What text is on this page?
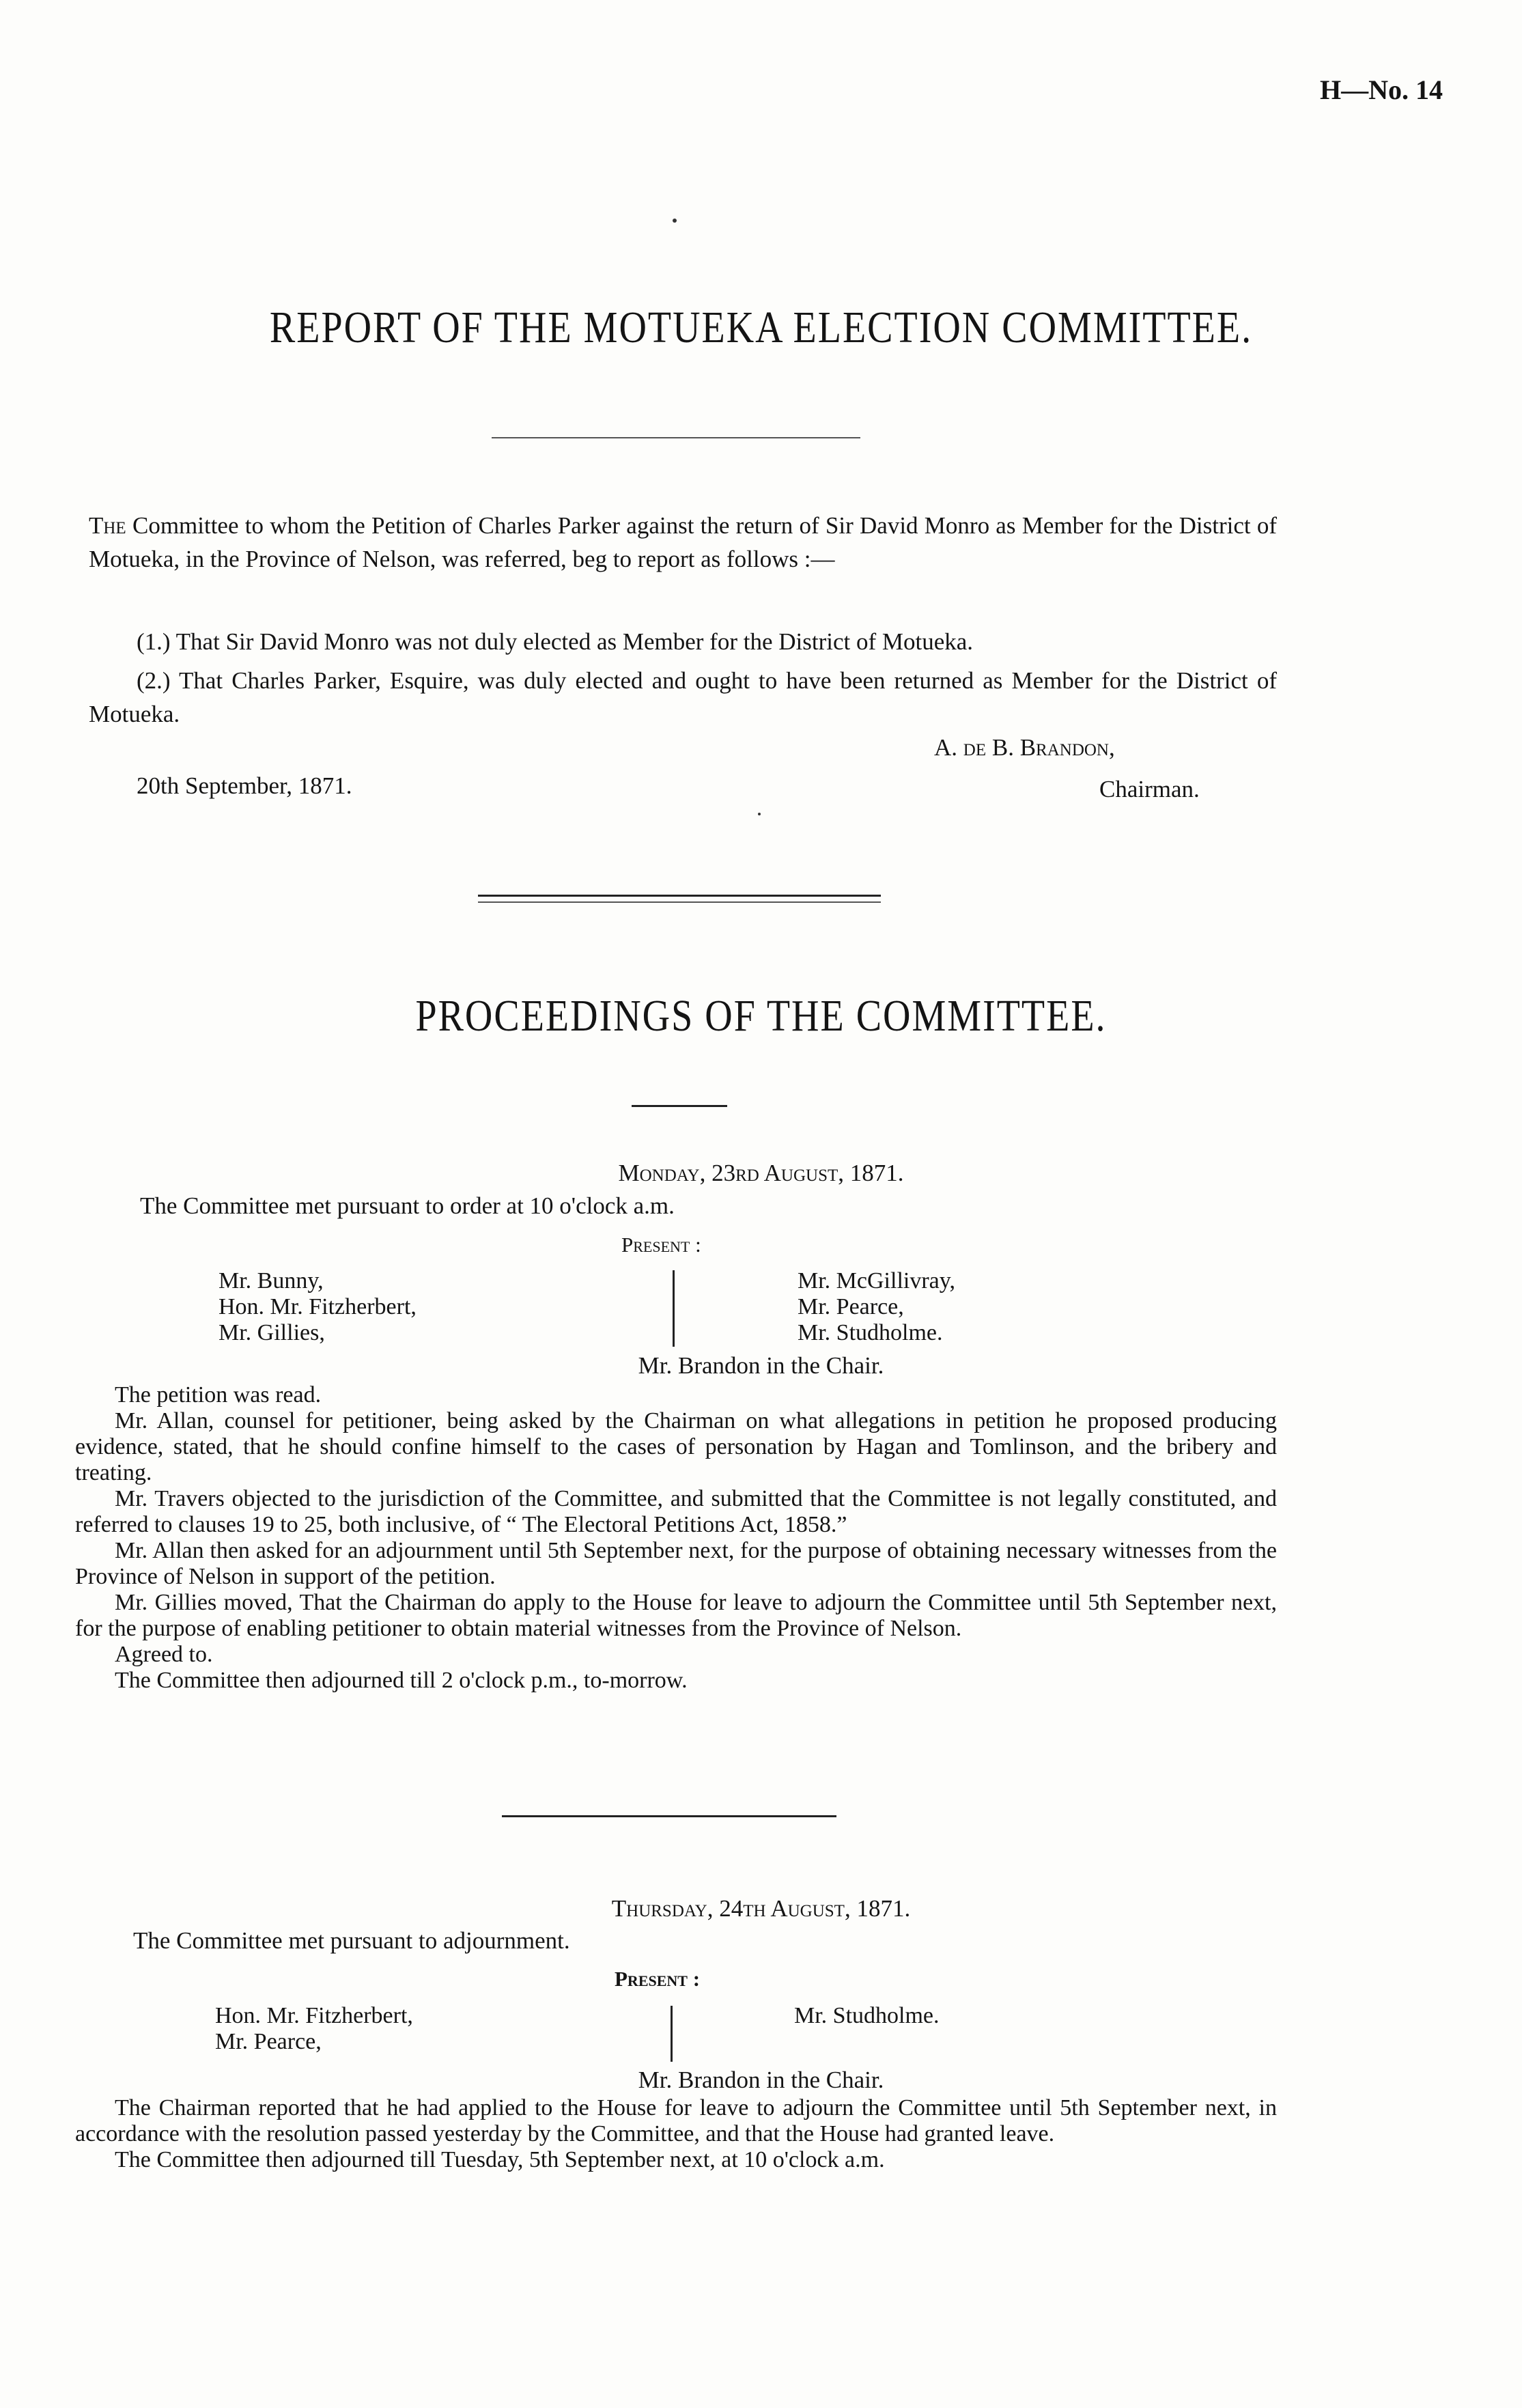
H—No. 14
REPORT OF THE MOTUEKA ELECTION COMMITTEE.
The Committee to whom the Petition of Charles Parker against the return of Sir David Monro as Member for the District of Motueka, in the Province of Nelson, was referred, beg to report as follows :—
(1.) That Sir David Monro was not duly elected as Member for the District of Motueka.
(2.) That Charles Parker, Esquire, was duly elected and ought to have been returned as Member for the District of Motueka.
A. de B. Brandon,
20th September, 1871.	Chairman.
PROCEEDINGS OF THE COMMITTEE.
Monday, 23rd August, 1871.
The Committee met pursuant to order at 10 o'clock a.m.
Present :
Mr. Bunny,
Hon. Mr. Fitzherbert,
Mr. Gillies,
Mr. McGillivray,
Mr. Pearce,
Mr. Studholme.
Mr. Brandon in the Chair.
The petition was read.
Mr. Allan, counsel for petitioner, being asked by the Chairman on what allegations in petition he proposed producing evidence, stated, that he should confine himself to the cases of personation by Hagan and Tomlinson, and the bribery and treating.
Mr. Travers objected to the jurisdiction of the Committee, and submitted that the Committee is not legally constituted, and referred to clauses 19 to 25, both inclusive, of “ The Electoral Petitions Act, 1858.”
Mr. Allan then asked for an adjournment until 5th September next, for the purpose of obtaining necessary witnesses from the Province of Nelson in support of the petition.
Mr. Gillies moved, That the Chairman do apply to the House for leave to adjourn the Committee until 5th September next, for the purpose of enabling petitioner to obtain material witnesses from the Province of Nelson.
Agreed to.
The Committee then adjourned till 2 o'clock p.m., to-morrow.
Thursday, 24th August, 1871.
The Committee met pursuant to adjournment.
Present :
Hon. Mr. Fitzherbert,
Mr. Pearce,
Mr. Studholme.
Mr. Brandon in the Chair.
The Chairman reported that he had applied to the House for leave to adjourn the Committee until 5th September next, in accordance with the resolution passed yesterday by the Committee, and that the House had granted leave.
The Committee then adjourned till Tuesday, 5th September next, at 10 o'clock a.m.
